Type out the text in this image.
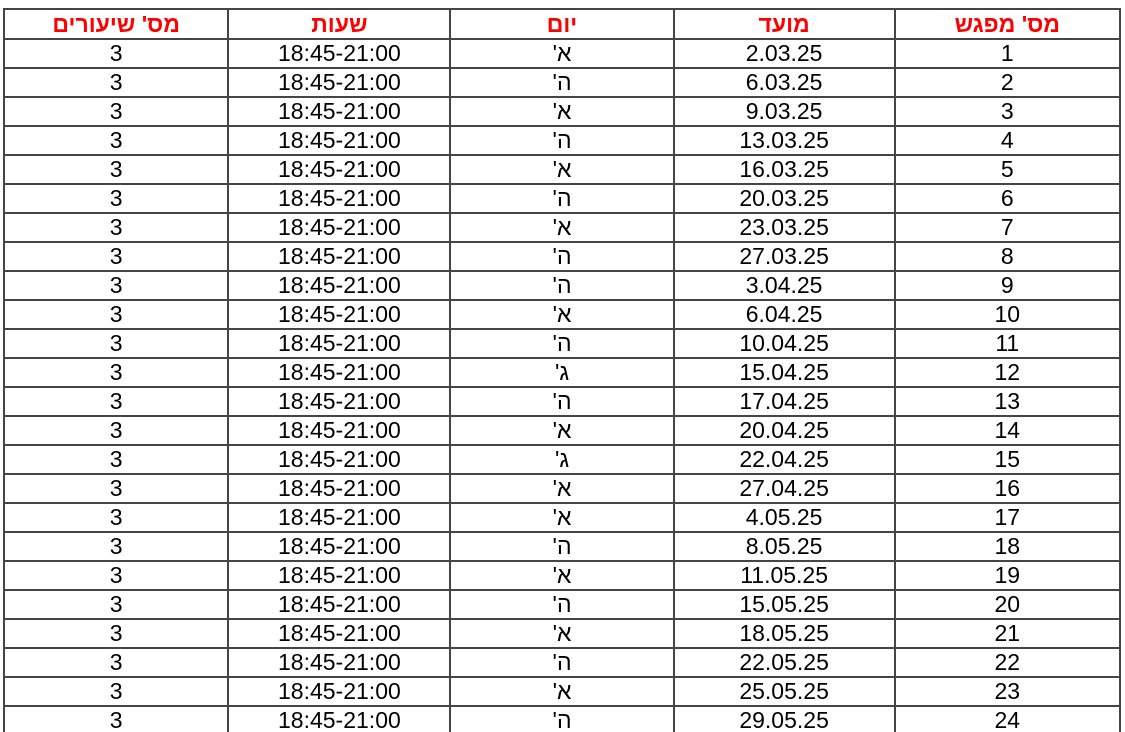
מס' מפגש	מועד	יום	שעות	מס' שיעורים
1	2.03.25	א'	18:45-21:00	3
2	6.03.25	ה'	18:45-21:00	3
3	9.03.25	א'	18:45-21:00	3
4	13.03.25	ה'	18:45-21:00	3
5	16.03.25	א'	18:45-21:00	3
6	20.03.25	ה'	18:45-21:00	3
7	23.03.25	א'	18:45-21:00	3
8	27.03.25	ה'	18:45-21:00	3
9	3.04.25	ה'	18:45-21:00	3
10	6.04.25	א'	18:45-21:00	3
11	10.04.25	ה'	18:45-21:00	3
12	15.04.25	ג'	18:45-21:00	3
13	17.04.25	ה'	18:45-21:00	3
14	20.04.25	א'	18:45-21:00	3
15	22.04.25	ג'	18:45-21:00	3
16	27.04.25	א'	18:45-21:00	3
17	4.05.25	א'	18:45-21:00	3
18	8.05.25	ה'	18:45-21:00	3
19	11.05.25	א'	18:45-21:00	3
20	15.05.25	ה'	18:45-21:00	3
21	18.05.25	א'	18:45-21:00	3
22	22.05.25	ה'	18:45-21:00	3
23	25.05.25	א'	18:45-21:00	3
24	29.05.25	ה'	18:45-21:00	3
